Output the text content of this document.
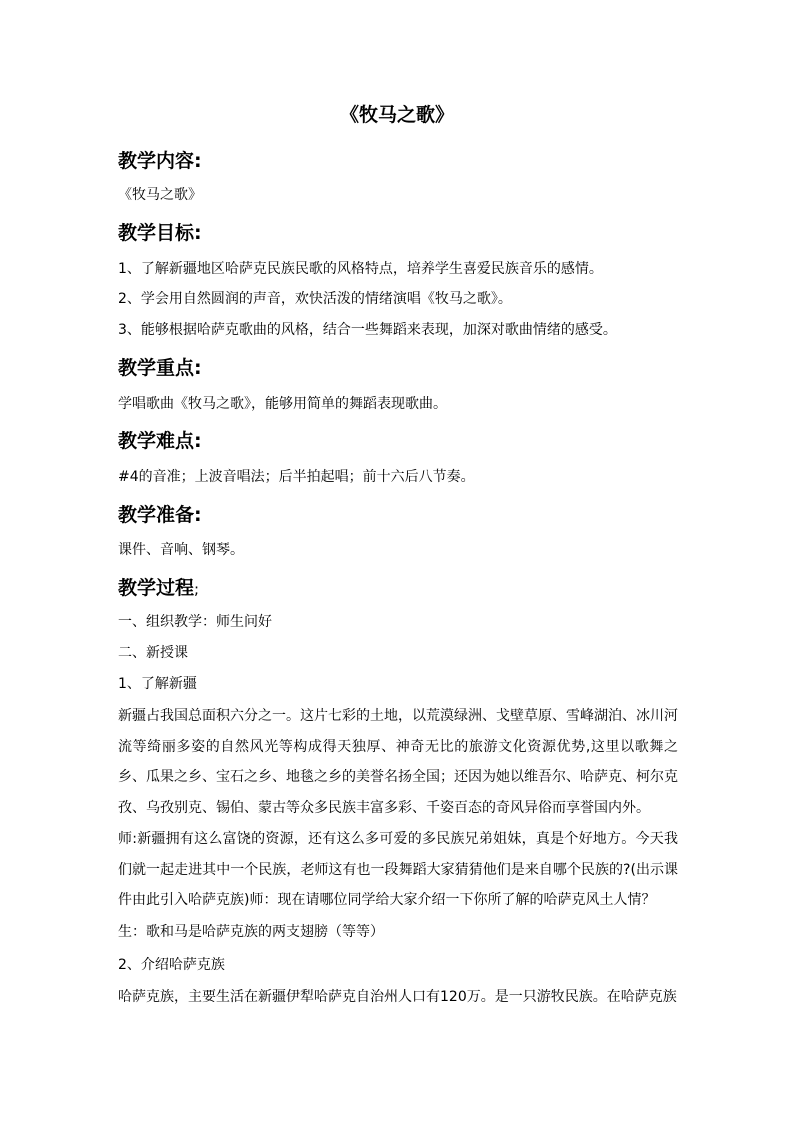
《牧马之歌》
教学内容:

《牧马之歌》

教学目标:

1、了解新疆地区哈萨克民族民歌的风格特点，培养学生喜爱民族音乐的感情。

2、学会用自然圆润的声音，欢快活泼的情绪演唱《牧马之歌》。

3、能够根据哈萨克歌曲的风格，结合一些舞蹈来表现，加深对歌曲情绪的感受。

教学重点:

学唱歌曲《牧马之歌》，能够用简单的舞蹈表现歌曲。

教学难点:

#4的音准；上波音唱法；后半拍起唱；前十六后八节奏。

教学准备:

课件、音响、钢琴。

教学过程;

一、组织教学：师生问好

二、新授课

1、了解新疆

新疆占我国总面积六分之一。这片七彩的土地，以荒漠绿洲、戈壁草原、雪峰湖泊、冰川河流等绮丽多姿的自然风光等构成得天独厚、神奇无比的旅游文化资源优势,这里以歌舞之乡、瓜果之乡、宝石之乡、地毯之乡的美誉名扬全国；还因为她以维吾尔、哈萨克、柯尔克孜、乌孜别克、锡伯、蒙古等众多民族丰富多彩、千姿百态的奇风异俗而享誉国内外。

师:新疆拥有这么富饶的资源，还有这么多可爱的多民族兄弟姐妹，真是个好地方。今天我们就一起走进其中一个民族，老师这有也一段舞蹈大家猜猜他们是来自哪个民族的?(出示课件由此引入哈萨克族)师：现在请哪位同学给大家介绍一下你所了解的哈萨克风土人情？

生：歌和马是哈萨克族的两支翅膀（等等）

2、介绍哈萨克族

哈萨克族，主要生活在新疆伊犁哈萨克自治州人口有120万。是一只游牧民族。在哈萨克族
